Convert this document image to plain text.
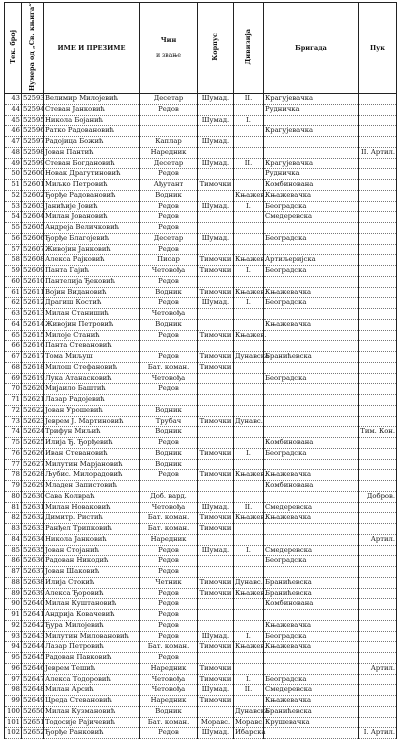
Тек. број	Нумера од „Св. књига“	ИМЕ И ПРЕЗИМЕ	Чин
и звање	Корпус	Дивизија	Бригада	Пук
43	52593	Велимир Милојевић	Десетар	Шумад.	II.	Крагујевачка	
44	52594	Стеван Јанковић	Редов			Рудничка	
45	52595	Никола Бојанић		Шумад.	I.		
46	52596	Ратко Радовановић				Крагујевачка	
47	52597	Радојица Божић	Каплар	Шумад.			
48	52598	Јован Пантић	Наредник				II. Артил.
49	52599	Стеван Богдановић	Десетар	Шумад.	II.	Крагујевачка	
50	52600	Новак Драгутиновић	Редов			Рудничка	
51	52601	Миљко Петровић	Ађутант	Тимочки		Комбинована	
52	52602	Ђорђе Радовановић	Водник		Књажев.	Књажевачка	
53	52603	Јанићије Јовић	Редов	Шумад.	I.	Београдска	
54	52604	Милан Јовановић	Редов			Смедеревска	
55	52605	Андреја Величковић	Редов				
56	52606	Ђорђе Благојевић	Десетар	Шумад.		Београдска	
57	52607	Живојин Јанковић	Редов				
58	52608	Алекса Рајковић	Писар	Тимочки	Књажев.	Артиљеријска	
59	52609	Панта Гајић	Четовођа	Тимочки	I.	Београдска	
60	52610	Пантелија Ђековић	Редов				
61	52611	Војин Видановић	Водник	Тимочки	Књажев.	Књажевачка	
62	52612	Драгиш Костић	Редов	Шумад.	I.	Београдска	
63	52613	Милан Станишић	Четовођа				
64	52614	Живојин Петровић	Водник			Књажевачка	
65	52615	Милоје Станић	Редов	Тимочки	Књажев.		
66	52616	Панта Стевановић					
67	52617	Тома Миљуш	Редов	Тимочки	Дунавска	Бранићевска	
68	52618	Милош Стефановић	Бат. коман.	Тимочки			
69	52619	Лука Атанасковић	Четовођа			Београдска	
70	52620	Мијаило Баштић	Редов				
71	52621	Лазар Радојевић					
72	52622	Јован Урошевић	Водник				
73	52623	Јеврем Ј. Мартиновић	Трубач	Тимочки	Дунавс.		
74	52624	Трифун Миљић	Водник				Тим. Кон.
75	52625	Илија Ђ. Ђорђевић	Редов			Комбинована	
76	52626	Иван Стевановић	Водник	Тимочки	I.	Београдска	
77	52627	Милутин Марјановић	Водник				
78	52628	Љубис. Милорадовић	Редов	Тимочки	Књажев.	Књажевачка	
79	52629	Младен Запистовић				Комбинована	
80	52630	Сава Колвраћ	Доб. вард.				Добров.
81	52631	Милан Новаковић	Четовођа	Шумад.	II.	Смедеревска	
82	52632	Димитр. Ристић	Бат. коман.	Тимочки	Књажев.	Књажевачка	
83	52633	Ранђел Трипковић	Бат. коман.	Тимочки			
84	52634	Никола Јанковић	Наредник				Артил.
85	52635	Јован Стојанић	Редов	Шумад.	I.	Смедеревска	
86	52636	Радован Никодић	Редов			Београдска	
87	52637	Јован Шаковић	Редов				
88	52638	Илија Стокић	Четник	Тимочки	Дунавс.	Бранићевска	
89	52639	Алекса Ђоровић	Редов	Тимочки	Књажев.	Бранићевска	
90	52640	Милан Куштановић	Редов			Комбинована	
91	52641	Андрија Ковачевић	Редов				
92	52642	Ђура Милојевић	Редов			Књажевачка	
93	52643	Милутин Миловановић	Редов	Шумад.	I.	Београдска	
94	52644	Лазар Петровић	Бат. коман.	Тимочки	Књажев.	Књажевачка	
95	52645	Радован Павковић	Редов				
96	52646	Јеврем Тешић	Наредник	Тимочки			Артил.
97	52647	Алекса Тодоровић	Четовођа	Тимочки	I.	Београдска	
98	52648	Милан Арсић	Четовођа	Шумад.	II.	Смедеревска	
99	52649	Цреда Стевановић	Наредник	Тимочки		Књажевачка	
100	52650	Милан Кузмановић	Водник		Дунавска	Бранићевска	
101	52651	Тодосије Рајичевић	Бат. коман.	Моравс.	Моравс.	Крушевачка	
102	52652	Ђорђе Ранковић	Редов	Шумад.	Ибарска		I. Артил.
